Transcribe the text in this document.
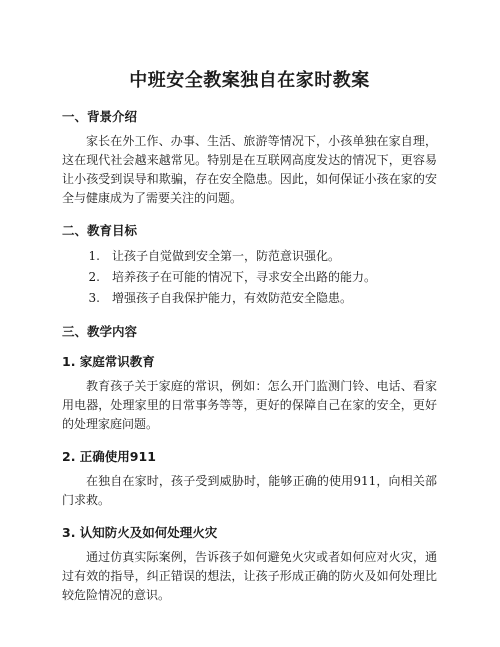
中班安全教案独自在家时教案
一、背景介绍

家长在外工作、办事、生活、旅游等情况下，小孩单独在家自理，这在现代社会越来越常见。特别是在互联网高度发达的情况下，更容易让小孩受到误导和欺骗，存在安全隐患。因此，如何保证小孩在家的安全与健康成为了需要关注的问题。

二、教育目标
1.	让孩子自觉做到安全第一，防范意识强化。
2.	培养孩子在可能的情况下，寻求安全出路的能力。
3.	增强孩子自我保护能力，有效防范安全隐患。
三、教学内容
1. 家庭常识教育

教育孩子关于家庭的常识，例如：怎么开门监测门铃、电话、看家用电器，处理家里的日常事务等等，更好的保障自己在家的安全，更好的处理家庭问题。

2. 正确使用911

在独自在家时，孩子受到威胁时，能够正确的使用911，向相关部门求救。

3. 认知防火及如何处理火灾

通过仿真实际案例，告诉孩子如何避免火灾或者如何应对火灾，通过有效的指导，纠正错误的想法，让孩子形成正确的防火及如何处理比较危险情况的意识。
